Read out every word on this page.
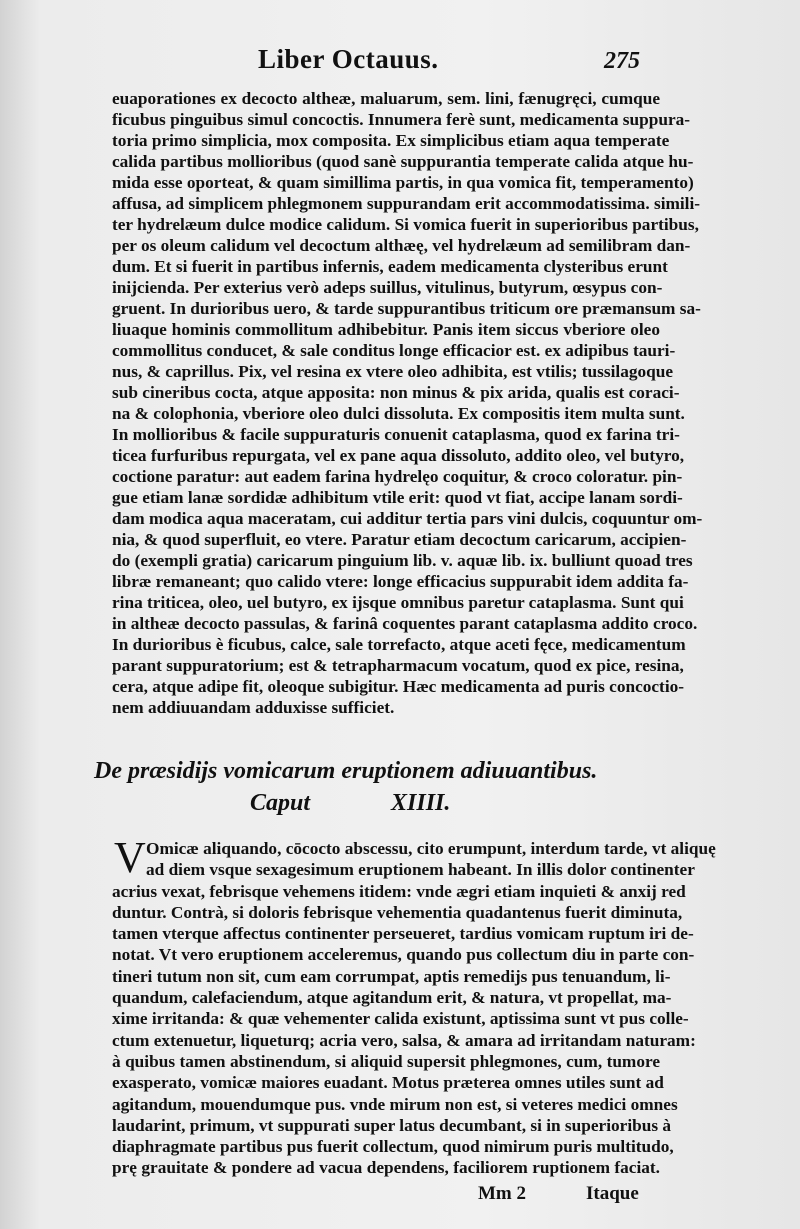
Liber Octauus.	275
euaporationes ex decocto altheæ, maluarum, sem. lini, fænugręci, cumque
ficubus pinguibus simul concoctis. Innumera ferè sunt, medicamenta suppura-
toria primo simplicia, mox composita. Ex simplicibus etiam aqua temperate
calida partibus mollioribus (quod sanè suppurantia temperate calida atque hu-
mida esse oporteat, & quam simillima partis, in qua vomica fit, temperamento)
affusa, ad simplicem phlegmonem suppurandam erit accommodatissima. simili-
ter hydrelæum dulce modice calidum. Si vomica fuerit in superioribus partibus,
per os oleum calidum vel decoctum althæę, vel hydrelæum ad semilibram dan-
dum. Et si fuerit in partibus infernis, eadem medicamenta clysteribus erunt
inijcienda. Per exterius verò adeps suillus, vitulinus, butyrum, œsypus con-
gruent. In durioribus uero, & tarde suppurantibus triticum ore præmansum sa-
liuaque hominis commollitum adhibebitur. Panis item siccus vberiore oleo
commollitus conducet, & sale conditus longe efficacior est. ex adipibus tauri-
nus, & caprillus. Pix, vel resina ex vtere oleo adhibita, est vtilis; tussilagoque
sub cineribus cocta, atque apposita: non minus & pix arida, qualis est coraci-
na & colophonia, vberiore oleo dulci dissoluta. Ex compositis item multa sunt.
In mollioribus & facile suppuraturis conuenit cataplasma, quod ex farina tri-
ticea furfuribus repurgata, vel ex pane aqua dissoluto, addito oleo, vel butyro,
coctione paratur: aut eadem farina hydrelęo coquitur, & croco coloratur. pin-
gue etiam lanæ sordidæ adhibitum vtile erit: quod vt fiat, accipe lanam sordi-
dam modica aqua maceratam, cui additur tertia pars vini dulcis, coquuntur om-
nia, & quod superfluit, eo vtere. Paratur etiam decoctum caricarum, accipien-
do (exempli gratia) caricarum pinguium lib. v. aquæ lib. ix. bulliunt quoad tres
libræ remaneant; quo calido vtere: longe efficacius suppurabit idem addita fa-
rina triticea, oleo, uel butyro, ex ijsque omnibus paretur cataplasma. Sunt qui
in altheæ decocto passulas, & farinâ coquentes parant cataplasma addito croco.
In durioribus è ficubus, calce, sale torrefacto, atque aceti fęce, medicamentum
parant suppuratorium; est & tetrapharmacum vocatum, quod ex pice, resina,
cera, atque adipe fit, oleoque subigitur. Hæc medicamenta ad puris concoctio-
nem addiuuandam adduxisse sufficiet.
De præsidijs vomicarum eruptionem adiuuantibus.
Caput	XIIII.
V Omicæ aliquando, cōcocto abscessu, cito erumpunt, interdum tarde, vt aliquę
ad diem vsque sexagesimum eruptionem habeant. In illis dolor continenter
acrius vexat, febrisque vehemens itidem: vnde ægri etiam inquieti & anxij red
duntur. Contrà, si doloris febrisque vehementia quadantenus fuerit diminuta,
tamen vterque affectus continenter perseueret, tardius vomicam ruptum iri de-
notat. Vt vero eruptionem acceleremus, quando pus collectum diu in parte con-
tineri tutum non sit, cum eam corrumpat, aptis remedijs pus tenuandum, li-
quandum, calefaciendum, atque agitandum erit, & natura, vt propellat, ma-
xime irritanda: & quæ vehementer calida existunt, aptissima sunt vt pus colle-
ctum extenuetur, liqueturq; acria vero, salsa, & amara ad irritandam naturam:
à quibus tamen abstinendum, si aliquid supersit phlegmones, cum, tumore
exasperato, vomicæ maiores euadant. Motus præterea omnes utiles sunt ad
agitandum, mouendumque pus. vnde mirum non est, si veteres medici omnes
laudarint, primum, vt suppurati super latus decumbant, si in superioribus à
diaphragmate partibus pus fuerit collectum, quod nimirum puris multitudo,
prę grauitate & pondere ad vacua dependens, faciliorem ruptionem faciat.
Mm 2	Itaque
